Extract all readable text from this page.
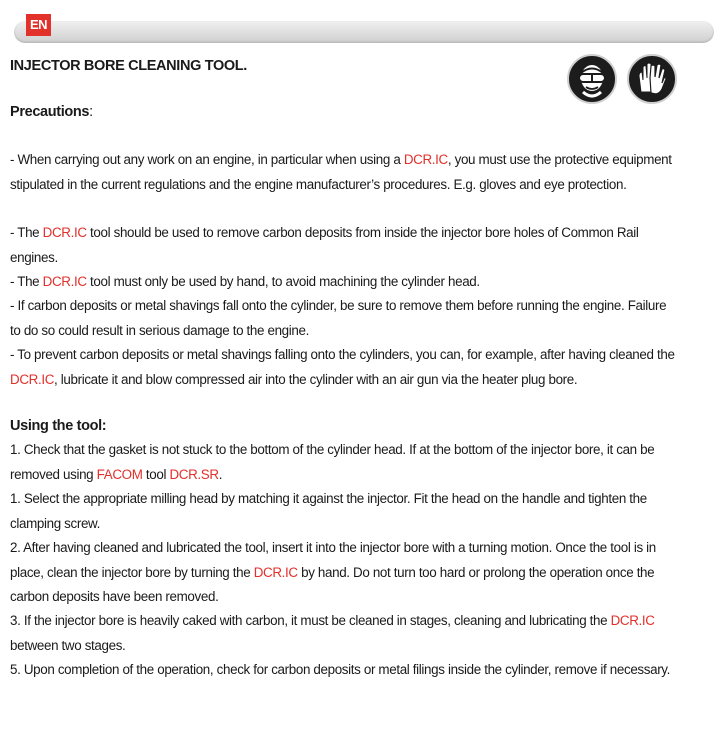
EN
INJECTOR BORE CLEANING TOOL.

Precautions:

- When carrying out any work on an engine, in particular when using a DCR.IC, you must use the protective equipment stipulated in the current regulations and the engine manufacturer’s procedures. E.g. gloves and eye protection.

- The DCR.IC tool should be used to remove carbon deposits from inside the injector bore holes of Common Rail engines.

- The DCR.IC tool must only be used by hand, to avoid machining the cylinder head.

- If carbon deposits or metal shavings fall onto the cylinder, be sure to remove them before running the engine. Failure to do so could result in serious damage to the engine.

- To prevent carbon deposits or metal shavings falling onto the cylinders, you can, for example, after having cleaned the DCR.IC, lubricate it and blow compressed air into the cylinder with an air gun via the heater plug bore.

Using the tool:

1. Check that the gasket is not stuck to the bottom of the cylinder head. If at the bottom of the injector bore, it can be removed using FACOM tool DCR.SR.

1. Select the appropriate milling head by matching it against the injector. Fit the head on the handle and tighten the clamping screw.

2. After having cleaned and lubricated the tool, insert it into the injector bore with a turning motion. Once the tool is in place, clean the injector bore by turning the DCR.IC by hand. Do not turn too hard or prolong the operation once the carbon deposits have been removed.

3. If the injector bore is heavily caked with carbon, it must be cleaned in stages, cleaning and lubricating the DCR.IC between two stages.

5. Upon completion of the operation, check for carbon deposits or metal filings inside the cylinder, remove if necessary.
